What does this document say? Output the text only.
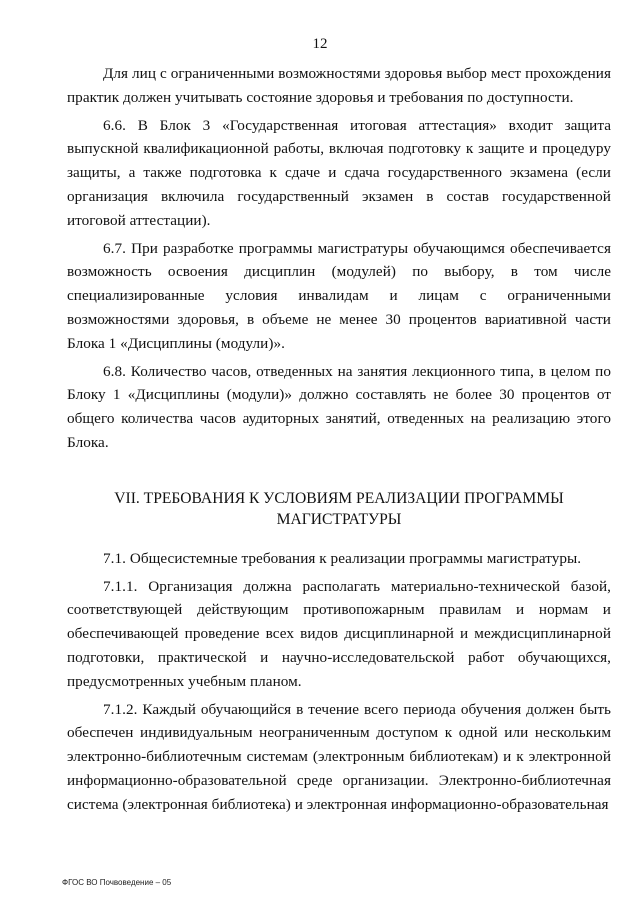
12

Для лиц с ограниченными возможностями здоровья выбор мест прохождения практик должен учитывать состояние здоровья и требования по доступности.

6.6. В Блок 3 «Государственная итоговая аттестация» входит защита выпускной квалификационной работы, включая подготовку к защите и процедуру защиты, а также подготовка к сдаче и сдача государственного экзамена (если организация включила государственный экзамен в состав государственной итоговой аттестации).

6.7. При разработке программы магистратуры обучающимся обеспечивается возможность освоения дисциплин (модулей) по выбору, в том числе специализированные условия инвалидам и лицам с ограниченными возможностями здоровья, в объеме не менее 30 процентов вариативной части Блока 1 «Дисциплины (модули)».

6.8. Количество часов, отведенных на занятия лекционного типа, в целом по Блоку 1 «Дисциплины (модули)» должно составлять не более 30 процентов от общего количества часов аудиторных занятий, отведенных на реализацию этого Блока.

VII. ТРЕБОВАНИЯ К УСЛОВИЯМ РЕАЛИЗАЦИИ ПРОГРАММЫ
МАГИСТРАТУРЫ

7.1. Общесистемные требования к реализации программы магистратуры.

7.1.1. Организация должна располагать материально-технической базой, соответствующей действующим противопожарным правилам и нормам и обеспечивающей проведение всех видов дисциплинарной и междисциплинарной подготовки, практической и научно-исследовательской работ обучающихся, предусмотренных учебным планом.

7.1.2. Каждый обучающийся в течение всего периода обучения должен быть обеспечен индивидуальным неограниченным доступом к одной или нескольким электронно-библиотечным системам (электронным библиотекам) и к электронной информационно-образовательной среде организации. Электронно-библиотечная система (электронная библиотека) и электронная информационно-образовательная

ФГОС ВО Почвоведение – 05
